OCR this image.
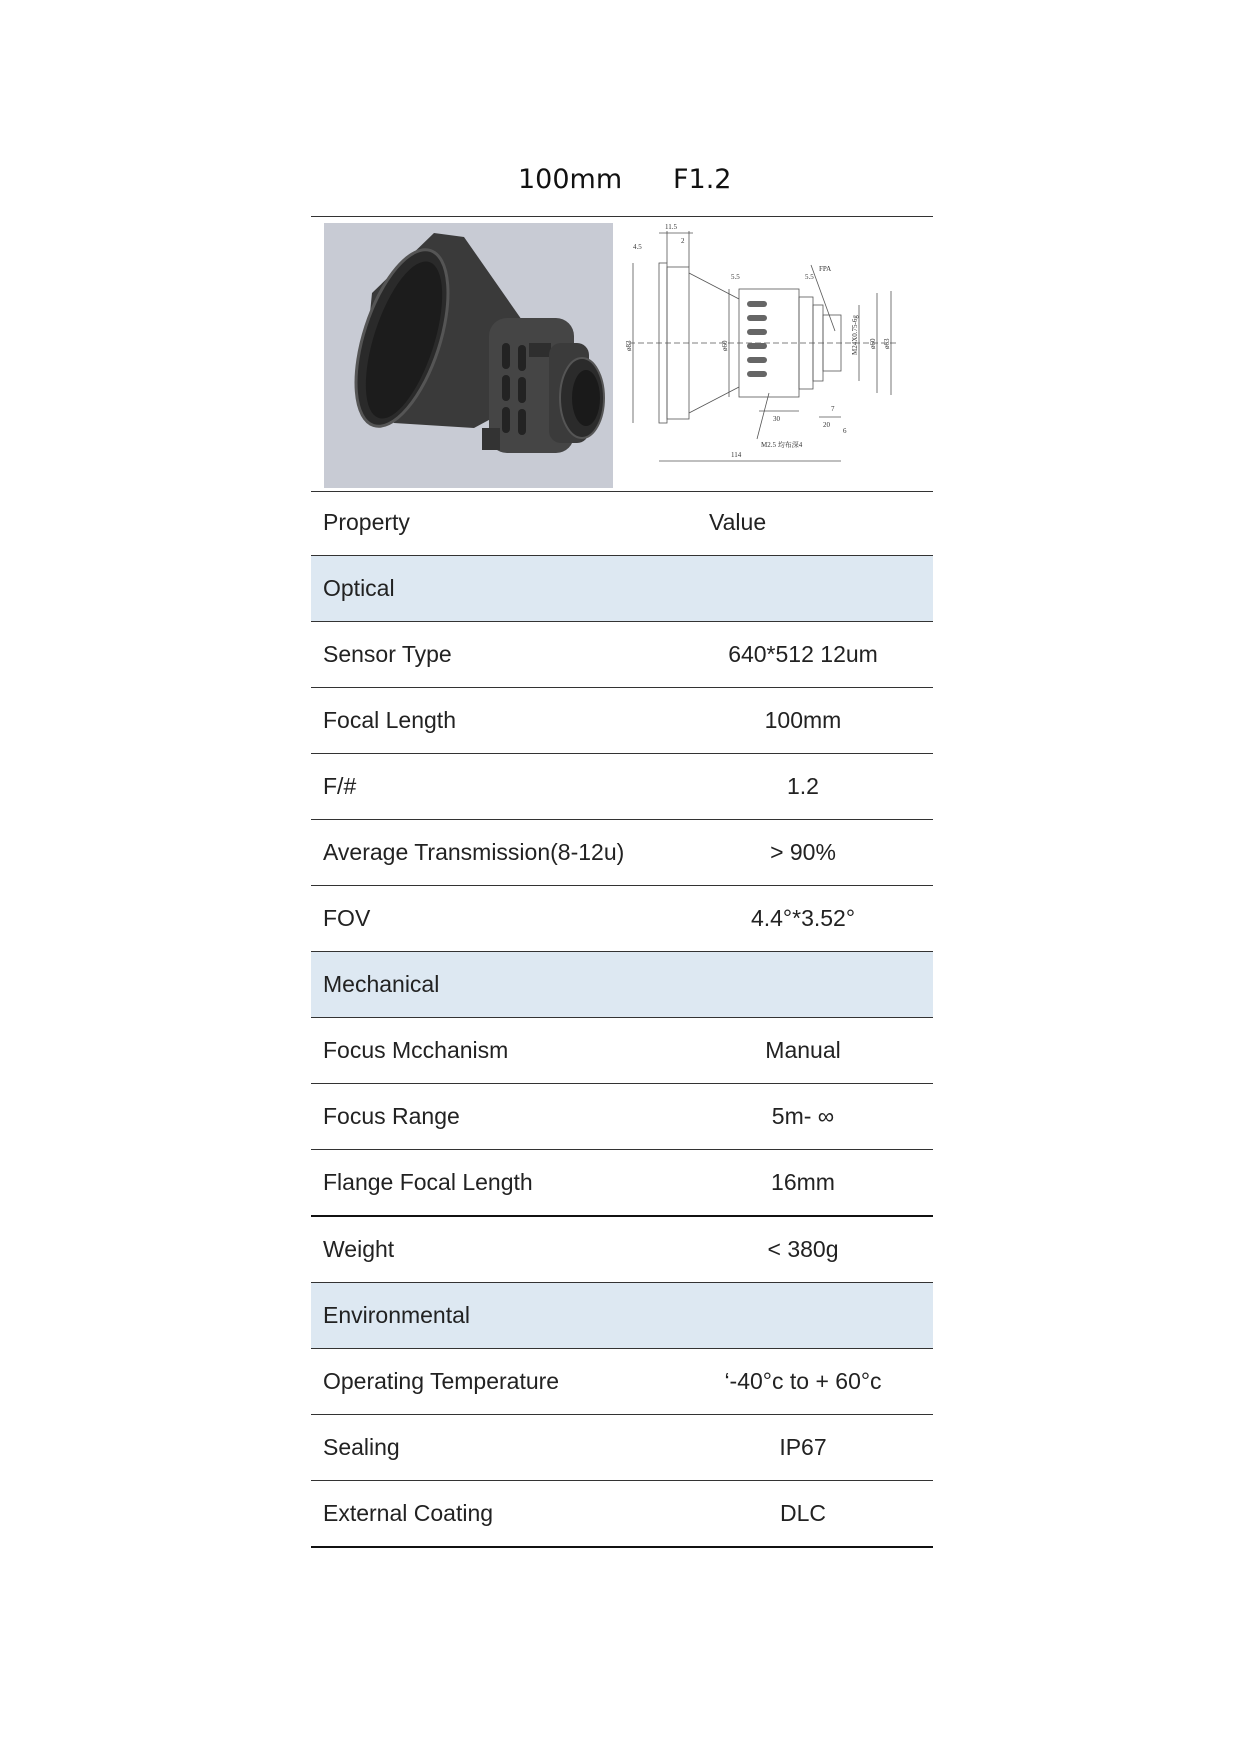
100mm F1.2
11.5
4.5
2
5.5	5.5
FPA
ø83	ø60	ø60 ø63
M24X0.75-6g
30
7
20
6
114
M2.5 均布深4
Property	Value
Optical	
Sensor Type	640*512 12um
Focal Length	100mm
F/#	1.2
Average Transmission(8-12u)	> 90%
FOV	4.4°*3.52°
Mechanical	
Focus Mcchanism	Manual
Focus Range	5m- ∞
Flange Focal Length	16mm
Weight	< 380g
Environmental	
Operating Temperature	‘-40°c to + 60°c
Sealing	IP67
External Coating	DLC
